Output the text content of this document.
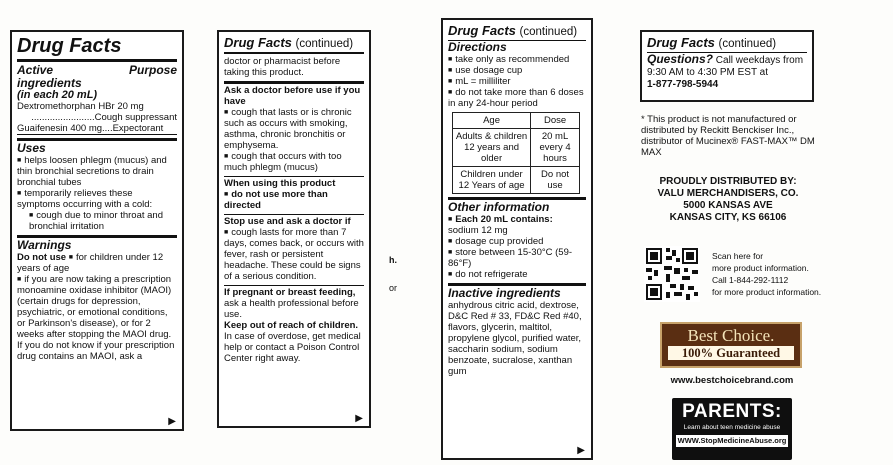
Drug Facts
Active ingredients
Purpose
(in each 20 mL)
Dextromethorphan HBr 20 mg
........................Cough suppressant
Guaifenesin 400 mg....Expectorant
Uses
■ helps loosen phlegm (mucus) and thin bronchial secretions to drain bronchial tubes
■ temporarily relieves these symptoms occurring with a cold:
■ cough due to minor throat and bronchial irritation
Warnings
Do not use ■ for children under 12 years of age
■ if you are now taking a prescription monoamine oxidase inhibitor (MAOI) (certain drugs for depression, psychiatric, or emotional conditions, or Parkinson's disease), or for 2 weeks after stopping the MAOI drug. If you do not know if your prescription drug contains an MAOI, ask a
▶
Drug Facts (continued)
doctor or pharmacist before taking this product.
Ask a doctor before use if you have
■ cough that lasts or is chronic such as occurs with smoking, asthma, chronic bronchitis or emphysema.
■ cough that occurs with too much phlegm (mucus)
When using this product
■ do not use more than directed
Stop use and ask a doctor if
■ cough lasts for more than 7 days, comes back, or occurs with fever, rash or persistent headache. These could be signs of a serious condition.
If pregnant or breast feeding, ask a health professional before use.
Keep out of reach of children. In case of overdose, get medical help or contact a Poison Control Center right away.
▶
h.
or
Drug Facts (continued)
Directions
■ take only as recommended
■ use dosage cup
■ mL = milliliter
■ do not take more than 6 doses in any 24-hour period
Age	Dose
Adults & children 12 years and older	20 mL every 4 hours
Children under 12 Years of age	Do not use
Other information
■ Each 20 mL contains:
sodium 12 mg
■ dosage cup provided
■ store between 15-30°C (59-86°F)
■ do not refrigerate
Inactive ingredients
anhydrous citric acid, dextrose, D&C Red # 33, FD&C Red #40, flavors, glycerin, maltitol, propylene glycol, purified water, saccharin sodium, sodium benzoate, sucralose, xanthan gum
▶
Drug Facts (continued)
Questions? Call weekdays from 9:30 AM to 4:30 PM EST at
1-877-798-5944
* This product is not manufactured or distributed by Reckitt Benckiser Inc., distributor of Mucinex® FAST-MAX™ DM MAX
PROUDLY DISTRIBUTED BY:
VALU MERCHANDISERS, CO.
5000 KANSAS AVE
KANSAS CITY, KS 66106
Scan here for
more product information.
Call 1-844-292-1112
for more product information.
Best Choice.
100% Guaranteed
www.bestchoicebrand.com
PARENTS:
Learn about teen medicine abuse
WWW.StopMedicineAbuse.org
